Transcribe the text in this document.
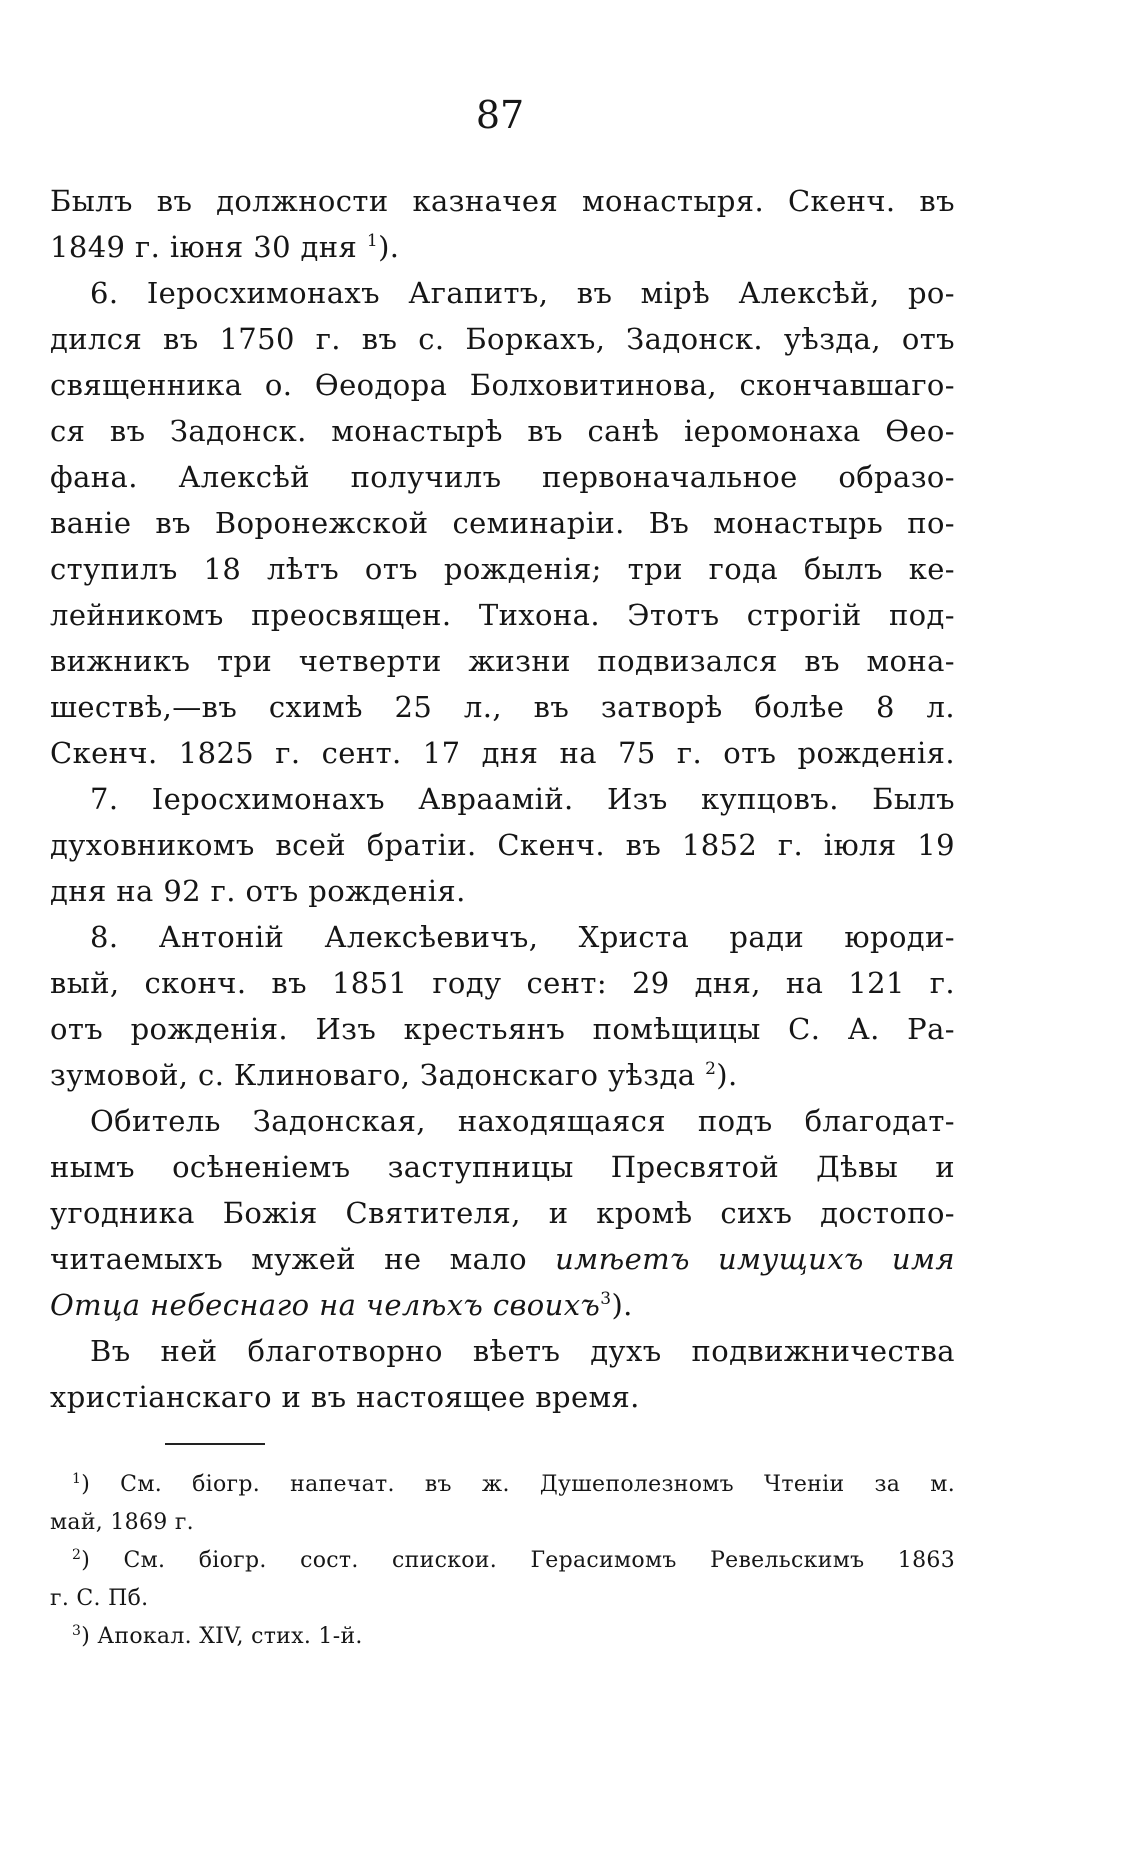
87
Былъ въ должности казначея монастыря. Скенч. въ
1849 г. іюня 30 дня $^1$).
6. Іеросхимонахъ Агапитъ, въ мірѣ Алексѣй, ро-
дился въ 1750 г. въ с. Боркахъ, Задонск. уѣзда, отъ
священника о. Ѳеодора Болховитинова, скончавшаго-
ся въ Задонск. монастырѣ въ санѣ іеромонаха Ѳео-
фана. Алексѣй получилъ первоначальное образо-
ваніе въ Воронежской семинаріи. Въ монастырь по-
ступилъ 18 лѣтъ отъ рожденія; три года былъ ке-
лейникомъ преосвящен. Тихона. Этотъ строгій под-
вижникъ три четверти жизни подвизался въ мона-
шествѣ,—въ схимѣ 25 л., въ затворѣ болѣе 8 л.
Скенч. 1825 г. сент. 17 дня на 75 г. отъ рожденія.
7. Іеросхимонахъ Авраамій. Изъ купцовъ. Былъ
духовникомъ всей братіи. Скенч. въ 1852 г. іюля 19
дня на 92 г. отъ рожденія.
8. Антоній Алексѣевичъ, Христа ради юроди-
вый, сконч. въ 1851 году сент: 29 дня, на 121 г.
отъ рожденія. Изъ крестьянъ помѣщицы С. А. Ра-
зумовой, с. Клиноваго, Задонскаго уѣзда $^2$).
Обитель Задонская, находящаяся подъ благодат-
нымъ осѣненіемъ заступницы Пресвятой Дѣвы и
угодника Божія Святителя, и кромѣ сихъ достопо-
читаемыхъ мужей не мало имѣетъ имущихъ имя
Отца небеснаго на челѣхъ своихъ$^3$).
Въ ней благотворно вѣетъ духъ подвижничества
христіанскаго и въ настоящее время.
$^1$) См. біогр. напечат. въ ж. Душеполезномъ Чтеніи за м.
май, 1869 г.
$^2$) См. біогр. сост. спискои. Герасимомъ Ревельскимъ 1863
г. С. Пб.
$^3$) Апокал. XIV, стих. 1-й.
